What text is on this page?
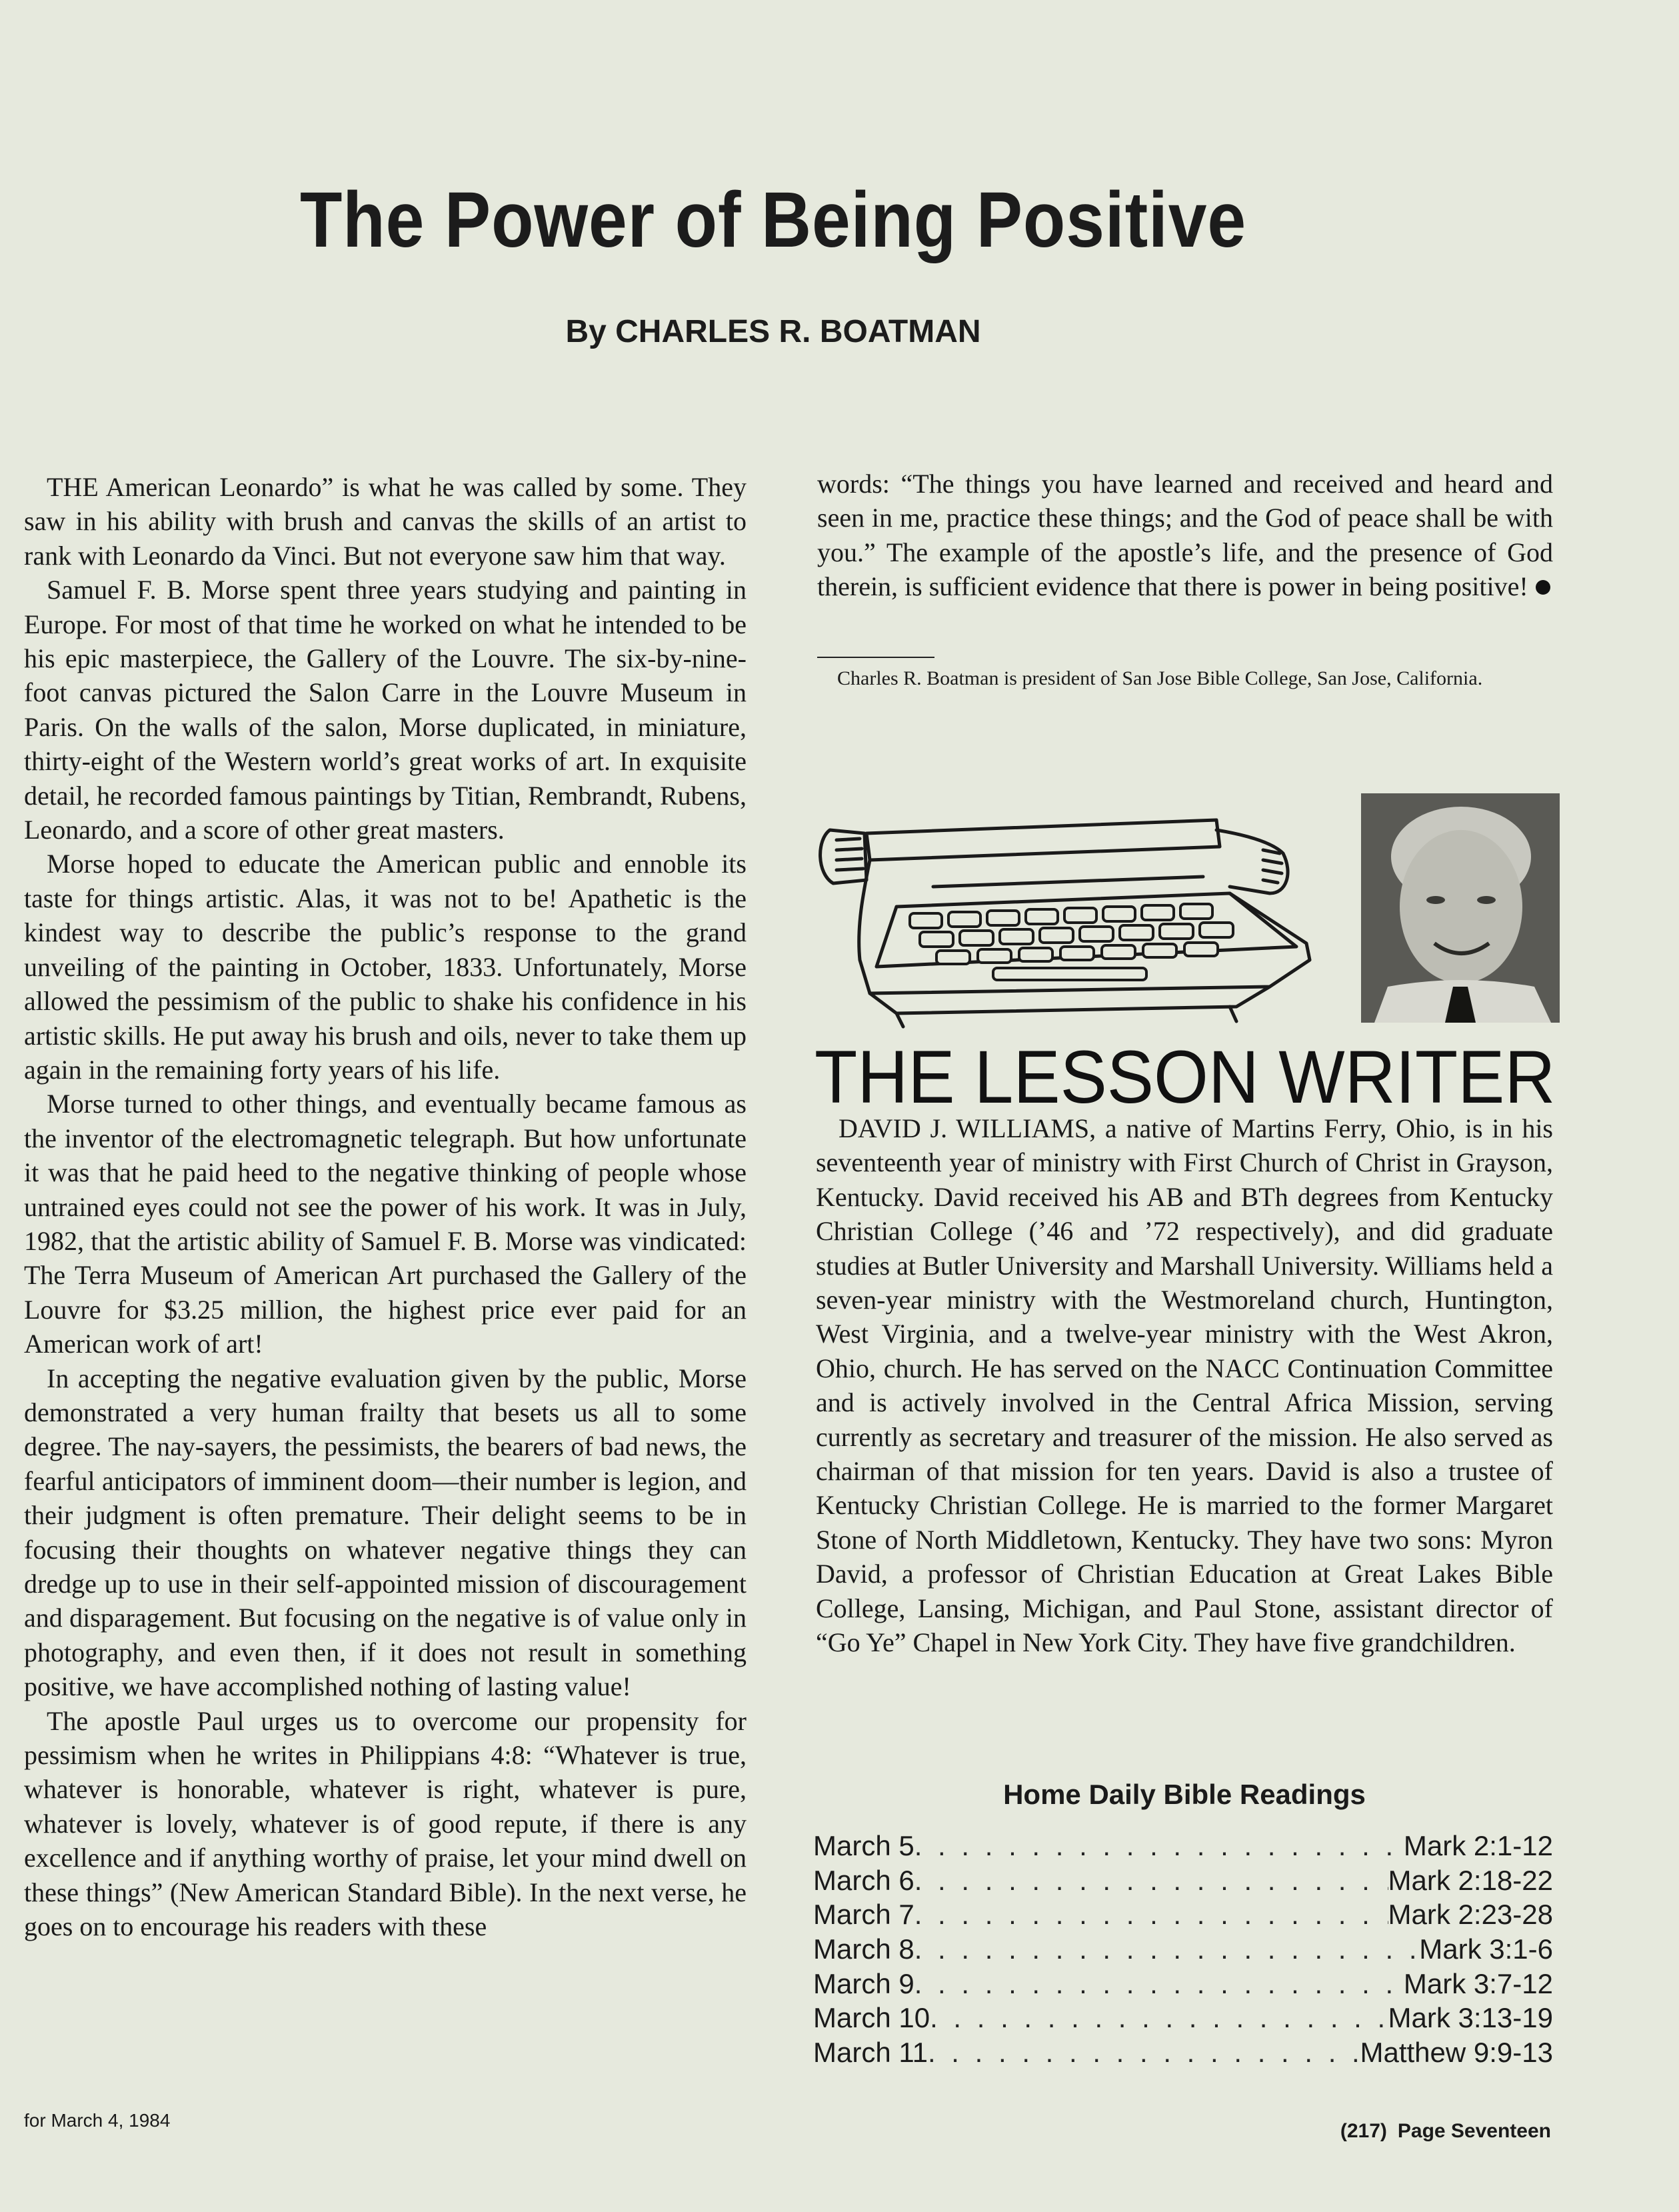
The Power of Being Positive
By CHARLES R. BOATMAN

THE American Leonardo” is what he was called by some. They saw in his ability with brush and canvas the skills of an artist to rank with Leonardo da Vinci. But not everyone saw him that way.

Samuel F. B. Morse spent three years studying and painting in Europe. For most of that time he worked on what he intended to be his epic masterpiece, the Gallery of the Louvre. The six-by-nine-foot canvas pictured the Salon Carre in the Louvre Museum in Paris. On the walls of the salon, Morse duplicated, in miniature, thirty-eight of the Western world’s great works of art. In exquisite detail, he recorded famous paintings by Titian, Rembrandt, Rubens, Leonardo, and a score of other great masters.

Morse hoped to educate the American public and ennoble its taste for things artistic. Alas, it was not to be! Apathetic is the kindest way to describe the public’s response to the grand unveiling of the painting in October, 1833. Unfortunately, Morse allowed the pessimism of the public to shake his confidence in his artistic skills. He put away his brush and oils, never to take them up again in the remaining forty years of his life.

Morse turned to other things, and eventually became famous as the inventor of the electromagnetic telegraph. But how unfortunate it was that he paid heed to the negative thinking of people whose untrained eyes could not see the power of his work. It was in July, 1982, that the artistic ability of Samuel F. B. Morse was vindicated: The Terra Museum of American Art purchased the Gallery of the Louvre for $3.25 million, the highest price ever paid for an American work of art!

In accepting the negative evaluation given by the public, Morse demonstrated a very human frailty that besets us all to some degree. The nay-sayers, the pessimists, the bearers of bad news, the fearful anticipators of imminent doom—their number is legion, and their judgment is often premature. Their delight seems to be in focusing their thoughts on whatever negative things they can dredge up to use in their self-appointed mission of discouragement and disparagement. But focusing on the negative is of value only in photography, and even then, if it does not result in something positive, we have accomplished nothing of lasting value!

The apostle Paul urges us to overcome our propensity for pessimism when he writes in Philippians 4:8: “Whatever is true, whatever is honorable, whatever is right, whatever is pure, whatever is lovely, whatever is of good repute, if there is any excellence and if anything worthy of praise, let your mind dwell on these things” (New American Standard Bible). In the next verse, he goes on to encourage his readers with these

words: “The things you have learned and received and heard and seen in me, practice these things; and the God of peace shall be with you.” The example of the apostle’s life, and the presence of God therein, is sufficient evidence that there is power in being positive!

Charles R. Boatman is president of San Jose Bible College, San Jose, California.
THE LESSON WRITER

DAVID J. WILLIAMS, a native of Martins Ferry, Ohio, is in his seventeenth year of ministry with First Church of Christ in Grayson, Kentucky. David received his AB and BTh degrees from Kentucky Christian College (’46 and ’72 respectively), and did graduate studies at Butler University and Marshall University. Williams held a seven-year ministry with the Westmoreland church, Huntington, West Virginia, and a twelve-year ministry with the West Akron, Ohio, church. He has served on the NACC Continuation Committee and is actively involved in the Central Africa Mission, serving currently as secretary and treasurer of the mission. He also served as chairman of that mission for ten years. David is also a trustee of Kentucky Christian College. He is married to the former Margaret Stone of North Middletown, Kentucky. They have two sons: Myron David, a professor of Christian Education at Great Lakes Bible College, Lansing, Michigan, and Paul Stone, assistant director of “Go Ye” Chapel in New York City. They have five grandchildren.

Home Daily Bible Readings
March 5 . . .	Mark 2:1-12
March 6 . . .	Mark 2:18-22
March 7 . . .	Mark 2:23-28
March 8 . . .	Mark 3:1-6
March 9 . . .	Mark 3:7-12
March 10 . . .	Mark 3:13-19
March 11 . . .	Matthew 9:9-13
for March 4, 1984	(217) Page Seventeen
